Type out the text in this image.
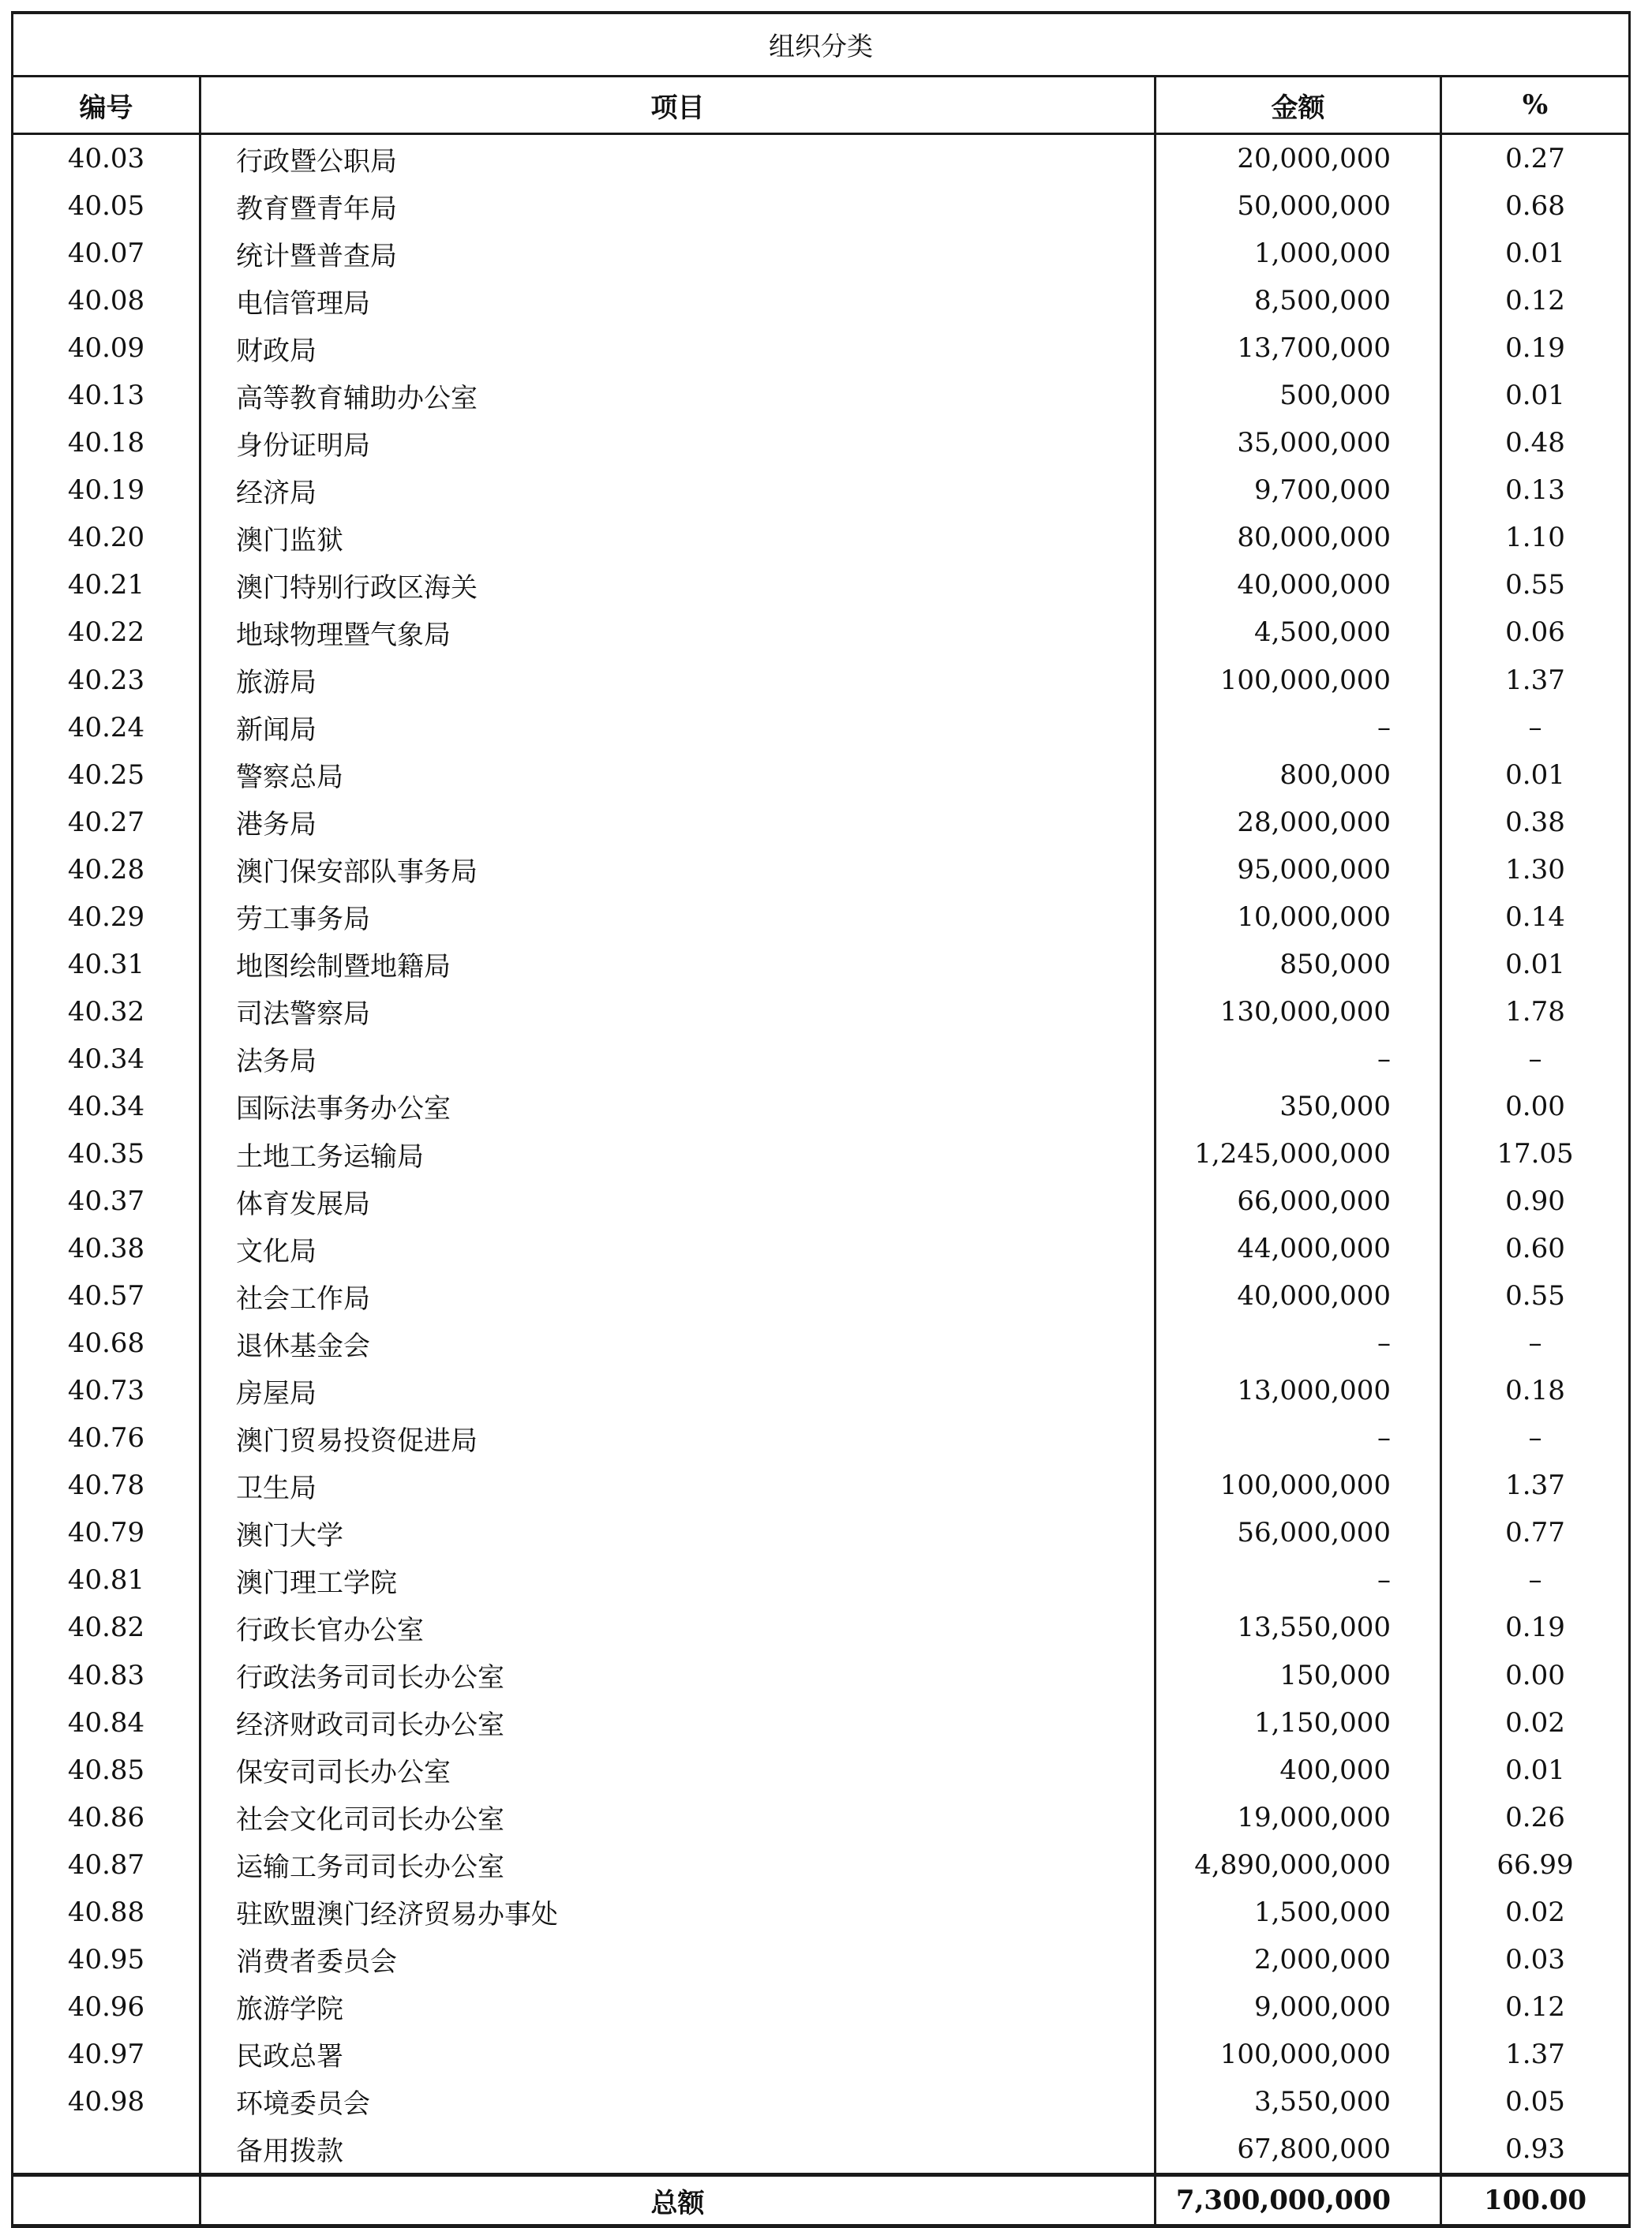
组织分类			
编号	项目	金额	%
40.03	行政暨公职局	20,000,000	0.27
40.05	教育暨青年局	50,000,000	0.68
40.07	统计暨普查局	1,000,000	0.01
40.08	电信管理局	8,500,000	0.12
40.09	财政局	13,700,000	0.19
40.13	高等教育辅助办公室	500,000	0.01
40.18	身份证明局	35,000,000	0.48
40.19	经济局	9,700,000	0.13
40.20	澳门监狱	80,000,000	1.10
40.21	澳门特别行政区海关	40,000,000	0.55
40.22	地球物理暨气象局	4,500,000	0.06
40.23	旅游局	100,000,000	1.37
40.24	新闻局	–	–
40.25	警察总局	800,000	0.01
40.27	港务局	28,000,000	0.38
40.28	澳门保安部队事务局	95,000,000	1.30
40.29	劳工事务局	10,000,000	0.14
40.31	地图绘制暨地籍局	850,000	0.01
40.32	司法警察局	130,000,000	1.78
40.34	法务局	–	–
40.34	国际法事务办公室	350,000	0.00
40.35	土地工务运输局	1,245,000,000	17.05
40.37	体育发展局	66,000,000	0.90
40.38	文化局	44,000,000	0.60
40.57	社会工作局	40,000,000	0.55
40.68	退休基金会	–	–
40.73	房屋局	13,000,000	0.18
40.76	澳门贸易投资促进局	–	–
40.78	卫生局	100,000,000	1.37
40.79	澳门大学	56,000,000	0.77
40.81	澳门理工学院	–	–
40.82	行政长官办公室	13,550,000	0.19
40.83	行政法务司司长办公室	150,000	0.00
40.84	经济财政司司长办公室	1,150,000	0.02
40.85	保安司司长办公室	400,000	0.01
40.86	社会文化司司长办公室	19,000,000	0.26
40.87	运输工务司司长办公室	4,890,000,000	66.99
40.88	驻欧盟澳门经济贸易办事处	1,500,000	0.02
40.95	消费者委员会	2,000,000	0.03
40.96	旅游学院	9,000,000	0.12
40.97	民政总署	100,000,000	1.37
40.98	环境委员会	3,550,000	0.05
	备用拨款	67,800,000	0.93
	总额	7,300,000,000	100.00
